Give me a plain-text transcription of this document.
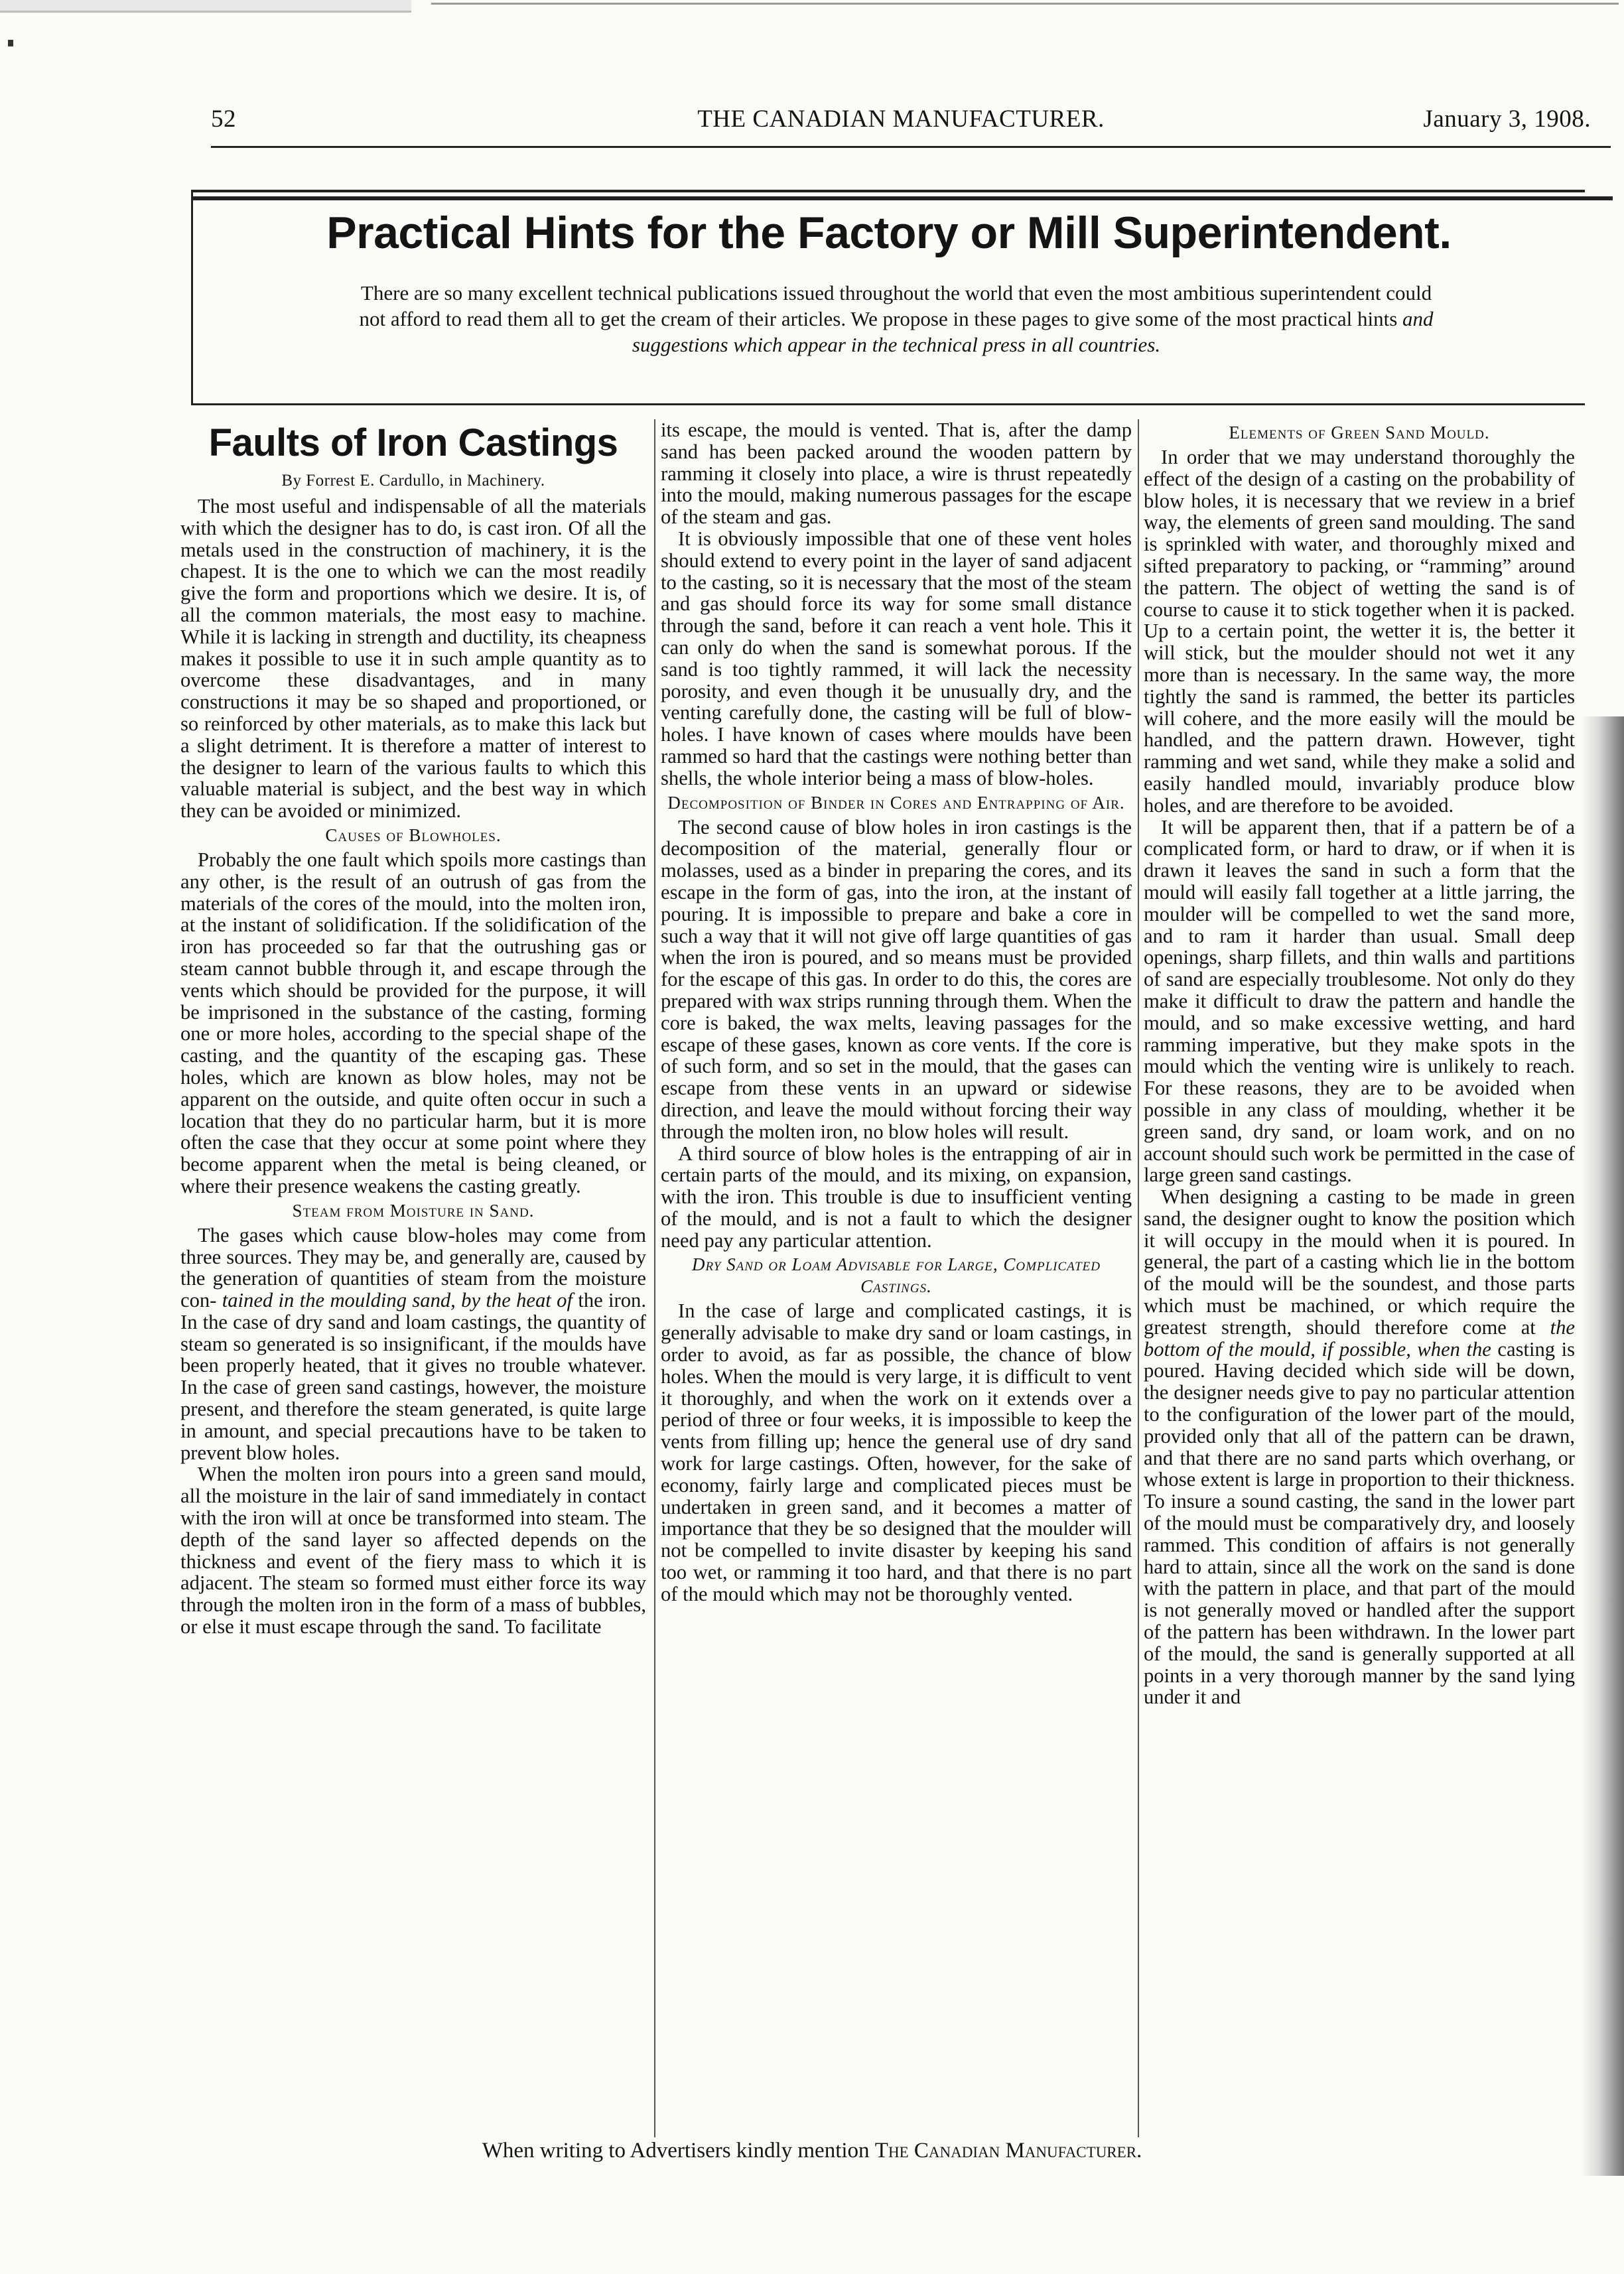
52	THE CANADIAN MANUFACTURER.	January 3, 1908.
Practical Hints for the Factory or Mill Superintendent.
There are so many excellent technical publications issued throughout the world that even the most ambitious superintendent could not afford to read them all to get the cream of their articles. We propose in these pages to give some of the most practical hints and suggestions which appear in the technical press in all countries.
Faults of Iron Castings
By Forrest E. Cardullo, in Machinery.

The most useful and indispensable of all the materials with which the designer has to do, is cast iron. Of all the metals used in the construction of machinery, it is the chapest. It is the one to which we can the most readily give the form and proportions which we desire. It is, of all the common materials, the most easy to machine. While it is lacking in strength and ductility, its cheapness makes it possible to use it in such ample quantity as to overcome these disadvantages, and in many constructions it may be so shaped and proportioned, or so reinforced by other materials, as to make this lack but a slight detriment. It is therefore a matter of interest to the designer to learn of the various faults to which this valuable material is subject, and the best way in which they can be avoided or minimized.

Causes of Blowholes.

Probably the one fault which spoils more castings than any other, is the result of an outrush of gas from the materials of the cores of the mould, into the molten iron, at the instant of solidification. If the solidification of the iron has proceeded so far that the outrushing gas or steam cannot bubble through it, and escape through the vents which should be provided for the purpose, it will be imprisoned in the substance of the casting, forming one or more holes, according to the special shape of the casting, and the quantity of the escaping gas. These holes, which are known as blow holes, may not be apparent on the outside, and quite often occur in such a location that they do no particular harm, but it is more often the case that they occur at some point where they become apparent when the metal is being cleaned, or where their presence weakens the casting greatly.

Steam from Moisture in Sand.

The gases which cause blow-holes may come from three sources. They may be, and generally are, caused by the generation of quantities of steam from the moisture con- tained in the moulding sand, by the heat of the iron. In the case of dry sand and loam castings, the quantity of steam so generated is so insignificant, if the moulds have been properly heated, that it gives no trouble whatever. In the case of green sand castings, however, the moisture present, and therefore the steam generated, is quite large in amount, and special precautions have to be taken to prevent blow holes.

When the molten iron pours into a green sand mould, all the moisture in the lair of sand immediately in contact with the iron will at once be transformed into steam. The depth of the sand layer so affected depends on the thickness and event of the fiery mass to which it is adjacent. The steam so formed must either force its way through the molten iron in the form of a mass of bubbles, or else it must escape through the sand. To facilitate

its escape, the mould is vented. That is, after the damp sand has been packed around the wooden pattern by ramming it closely into place, a wire is thrust repeatedly into the mould, making numerous passages for the escape of the steam and gas.

It is obviously impossible that one of these vent holes should extend to every point in the layer of sand adjacent to the casting, so it is necessary that the most of the steam and gas should force its way for some small distance through the sand, before it can reach a vent hole. This it can only do when the sand is somewhat porous. If the sand is too tightly rammed, it will lack the necessity porosity, and even though it be unusually dry, and the venting carefully done, the casting will be full of blow-holes. I have known of cases where moulds have been rammed so hard that the castings were nothing better than shells, the whole interior being a mass of blow-holes.

Decomposition of Binder in Cores and Entrapping of Air.

The second cause of blow holes in iron castings is the decomposition of the material, generally flour or molasses, used as a binder in preparing the cores, and its escape in the form of gas, into the iron, at the instant of pouring. It is impossible to prepare and bake a core in such a way that it will not give off large quantities of gas when the iron is poured, and so means must be provided for the escape of this gas. In order to do this, the cores are prepared with wax strips running through them. When the core is baked, the wax melts, leaving passages for the escape of these gases, known as core vents. If the core is of such form, and so set in the mould, that the gases can escape from these vents in an upward or sidewise direction, and leave the mould without forcing their way through the molten iron, no blow holes will result.

A third source of blow holes is the entrapping of air in certain parts of the mould, and its mixing, on expansion, with the iron. This trouble is due to insufficient venting of the mould, and is not a fault to which the designer need pay any particular attention.

Dry Sand or Loam Advisable for Large, Complicated Castings.

In the case of large and complicated castings, it is generally advisable to make dry sand or loam castings, in order to avoid, as far as possible, the chance of blow holes. When the mould is very large, it is difficult to vent it thoroughly, and when the work on it extends over a period of three or four weeks, it is impossible to keep the vents from filling up; hence the general use of dry sand work for large castings. Often, however, for the sake of economy, fairly large and complicated pieces must be undertaken in green sand, and it becomes a matter of importance that they be so designed that the moulder will not be compelled to invite disaster by keeping his sand too wet, or ramming it too hard, and that there is no part of the mould which may not be thoroughly vented.

Elements of Green Sand Mould.

In order that we may understand thoroughly the effect of the design of a casting on the probability of blow holes, it is necessary that we review in a brief way, the elements of green sand moulding. The sand is sprinkled with water, and thoroughly mixed and sifted preparatory to packing, or “ramming” around the pattern. The object of wetting the sand is of course to cause it to stick together when it is packed. Up to a certain point, the wetter it is, the better it will stick, but the moulder should not wet it any more than is necessary. In the same way, the more tightly the sand is rammed, the better its particles will cohere, and the more easily will the mould be handled, and the pattern drawn. However, tight ramming and wet sand, while they make a solid and easily handled mould, invariably produce blow holes, and are therefore to be avoided.

It will be apparent then, that if a pattern be of a complicated form, or hard to draw, or if when it is drawn it leaves the sand in such a form that the mould will easily fall together at a little jarring, the moulder will be compelled to wet the sand more, and to ram it harder than usual. Small deep openings, sharp fillets, and thin walls and partitions of sand are especially troublesome. Not only do they make it difficult to draw the pattern and handle the mould, and so make excessive wetting, and hard ramming imperative, but they make spots in the mould which the venting wire is unlikely to reach. For these reasons, they are to be avoided when possible in any class of moulding, whether it be green sand, dry sand, or loam work, and on no account should such work be permitted in the case of large green sand castings.

When designing a casting to be made in green sand, the designer ought to know the position which it will occupy in the mould when it is poured. In general, the part of a casting which lie in the bottom of the mould will be the soundest, and those parts which must be machined, or which require the greatest strength, should therefore come at the bottom of the mould, if possible, when the casting is poured. Having decided which side will be down, the designer needs give to pay no particular attention to the configuration of the lower part of the mould, provided only that all of the pattern can be drawn, and that there are no sand parts which overhang, or whose extent is large in proportion to their thickness. To insure a sound casting, the sand in the lower part of the mould must be comparatively dry, and loosely rammed. This condition of affairs is not generally hard to attain, since all the work on the sand is done with the pattern in place, and that part of the mould is not generally moved or handled after the support of the pattern has been withdrawn. In the lower part of the mould, the sand is generally supported at all points in a very thorough manner by the sand lying under it and

When writing to Advertisers kindly mention The Canadian Manufacturer.
